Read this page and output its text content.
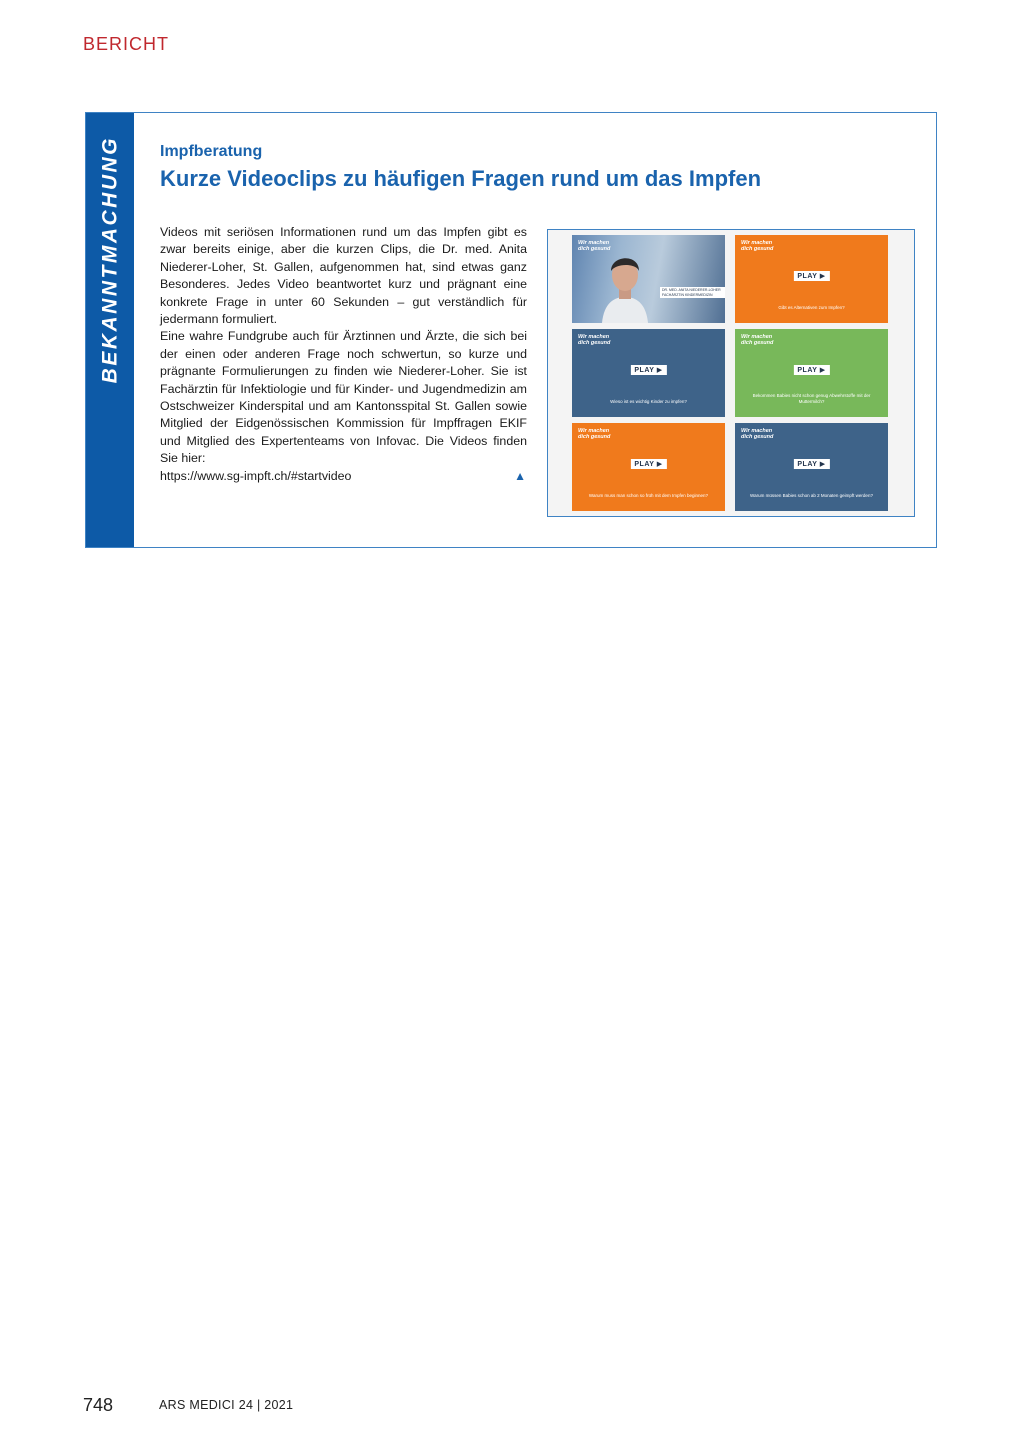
BERICHT
BEKANNTMACHUNG Impfberatung
Kurze Videoclips zu häufigen Fragen rund um das Impfen

Videos mit seriösen Informationen rund um das Impfen gibt es zwar bereits einige, aber die kurzen Clips, die Dr. med. Anita Niederer-Loher, St. Gallen, aufgenommen hat, sind etwas ganz Besonderes. Jedes Video beantwortet kurz und prägnant eine konkrete Frage in unter 60 Sekunden – gut verständlich für jedermann formuliert.

Eine wahre Fundgrube auch für Ärztinnen und Ärzte, die sich bei der einen oder anderen Frage noch schwertun, so kurze und prägnante Formulierungen zu finden wie Niederer-Loher. Sie ist Fachärztin für Infektiologie und für Kinder- und Jugendmedizin am Ostschweizer Kinderspital und am Kantonsspital St. Gallen sowie Mitglied der Eidgenössischen Kommission für Impffragen EKIF und Mitglied des Expertenteams von Infovac. Die Videos finden Sie hier:

https://www.sg-impft.ch/#startvideo	▲
Wir machen dich gesund
DR. MED. ANITA NIEDERER-LOHER FACHÄRZTIN KINDERMEDIZIN
Wir machen dich gesund
PLAY ▶
Gibt es Alternativen zum Impfen?
Wir machen dich gesund
PLAY ▶
Wieso ist es wichtig Kinder zu impfen?
Wir machen dich gesund
PLAY ▶
Bekommen Babies nicht schon genug Abwehrstoffe mit der Muttermilch?
Wir machen dich gesund
PLAY ▶
Warum muss man schon so früh mit dem Impfen beginnen?
Wir machen dich gesund
PLAY ▶
Warum müssen Babies schon ab 2 Monaten geimpft werden?
748	ARS MEDICI 24 | 2021
